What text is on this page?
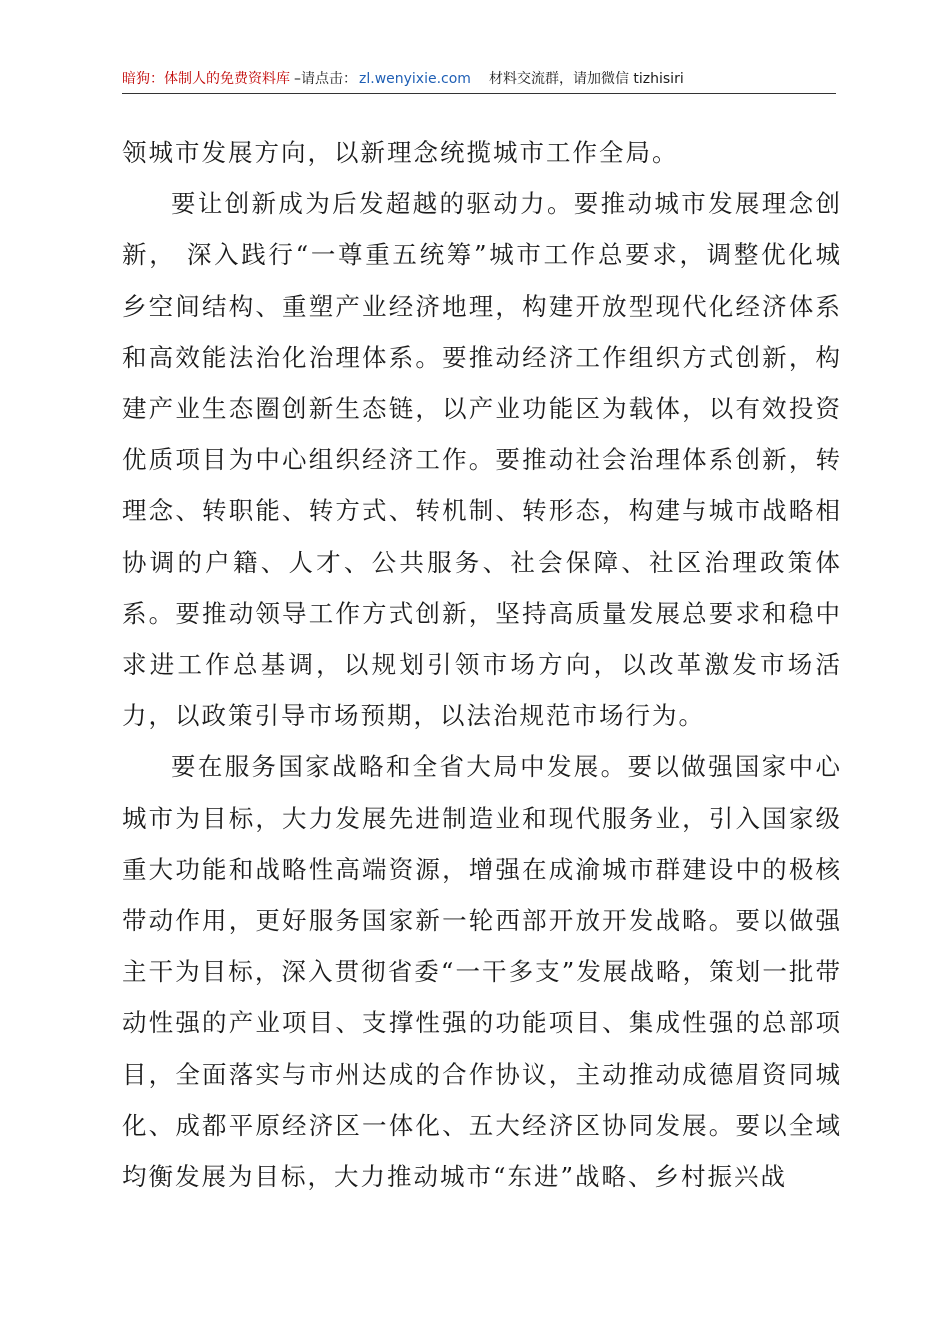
暗狗：体制人的免费资料库 –请点击： zl.wenyixie.com 材料交流群，请加微信 tizhisiri

领城市发展方向，以新理念统揽城市工作全局。

要让创新成为后发超越的驱动力。要推动城市发展理念创新， 深入践行“一尊重五统筹”城市工作总要求，调整优化城乡空间结构、重塑产业经济地理，构建开放型现代化经济体系和高效能法治化治理体系。要推动经济工作组织方式创新，构建产业生态圈创新生态链，以产业功能区为载体，以有效投资优质项目为中心组织经济工作。要推动社会治理体系创新，转理念、转职能、转方式、转机制、转形态，构建与城市战略相协调的户籍、人才、公共服务、社会保障、社区治理政策体系。要推动领导工作方式创新，坚持高质量发展总要求和稳中求进工作总基调，以规划引领市场方向，以改革激发市场活力，以政策引导市场预期，以法治规范市场行为。

要在服务国家战略和全省大局中发展。要以做强国家中心城市为目标，大力发展先进制造业和现代服务业，引入国家级重大功能和战略性高端资源，增强在成渝城市群建设中的极核带动作用，更好服务国家新一轮西部开放开发战略。要以做强主干为目标，深入贯彻省委“一干多支”发展战略，策划一批带动性强的产业项目、支撑性强的功能项目、集成性强的总部项目，全面落实与市州达成的合作协议，主动推动成德眉资同城化、成都平原经济区一体化、五大经济区协同发展。要以全域均衡发展为目标，大力推动城市“东进”战略、乡村振兴战
